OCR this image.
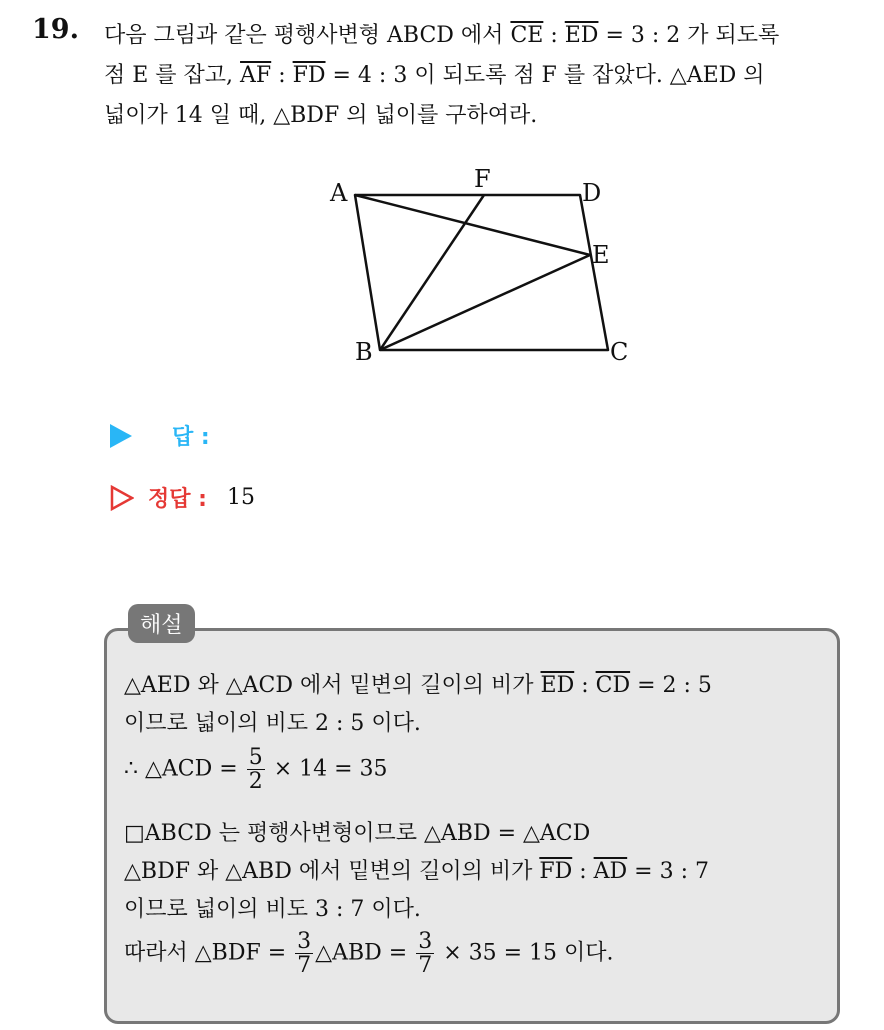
19. 다음 그림과 같은 평행사변형 ABCD 에서 $\overline{CE}$ : $\overline{ED} = 3$ : 2 가 되도록
점 E 를 잡고, $\overline{AF}$ : $\overline{FD} = 4$ : 3 이 되도록 점 F 를 잡았다. △AED 의
넓이가 14 일 때, △BDF 의 넓이를 구하여라.
A	F	D
E
B	C
답 :
정답 : 15
해설
△AED 와 △ACD 에서 밑변의 길이의 비가 $\overline{ED}$ : $\overline{CD} = 2$ : 5
이므로 넓이의 비도 2 : 5 이다.
∴ △ACD = $\frac{5}{2} \times 14 = 35$
□ABCD 는 평행사변형이므로 △ABD = △ACD
△BDF 와 △ABD 에서 밑변의 길이의 비가 $\overline{FD}$ : $\overline{AD} = 3$ : 7
이므로 넓이의 비도 3 : 7 이다.
따라서 △BDF = $\frac{3}{7}$ △ABD = $\frac{3}{7} \times 35 = 15$ 이다.
